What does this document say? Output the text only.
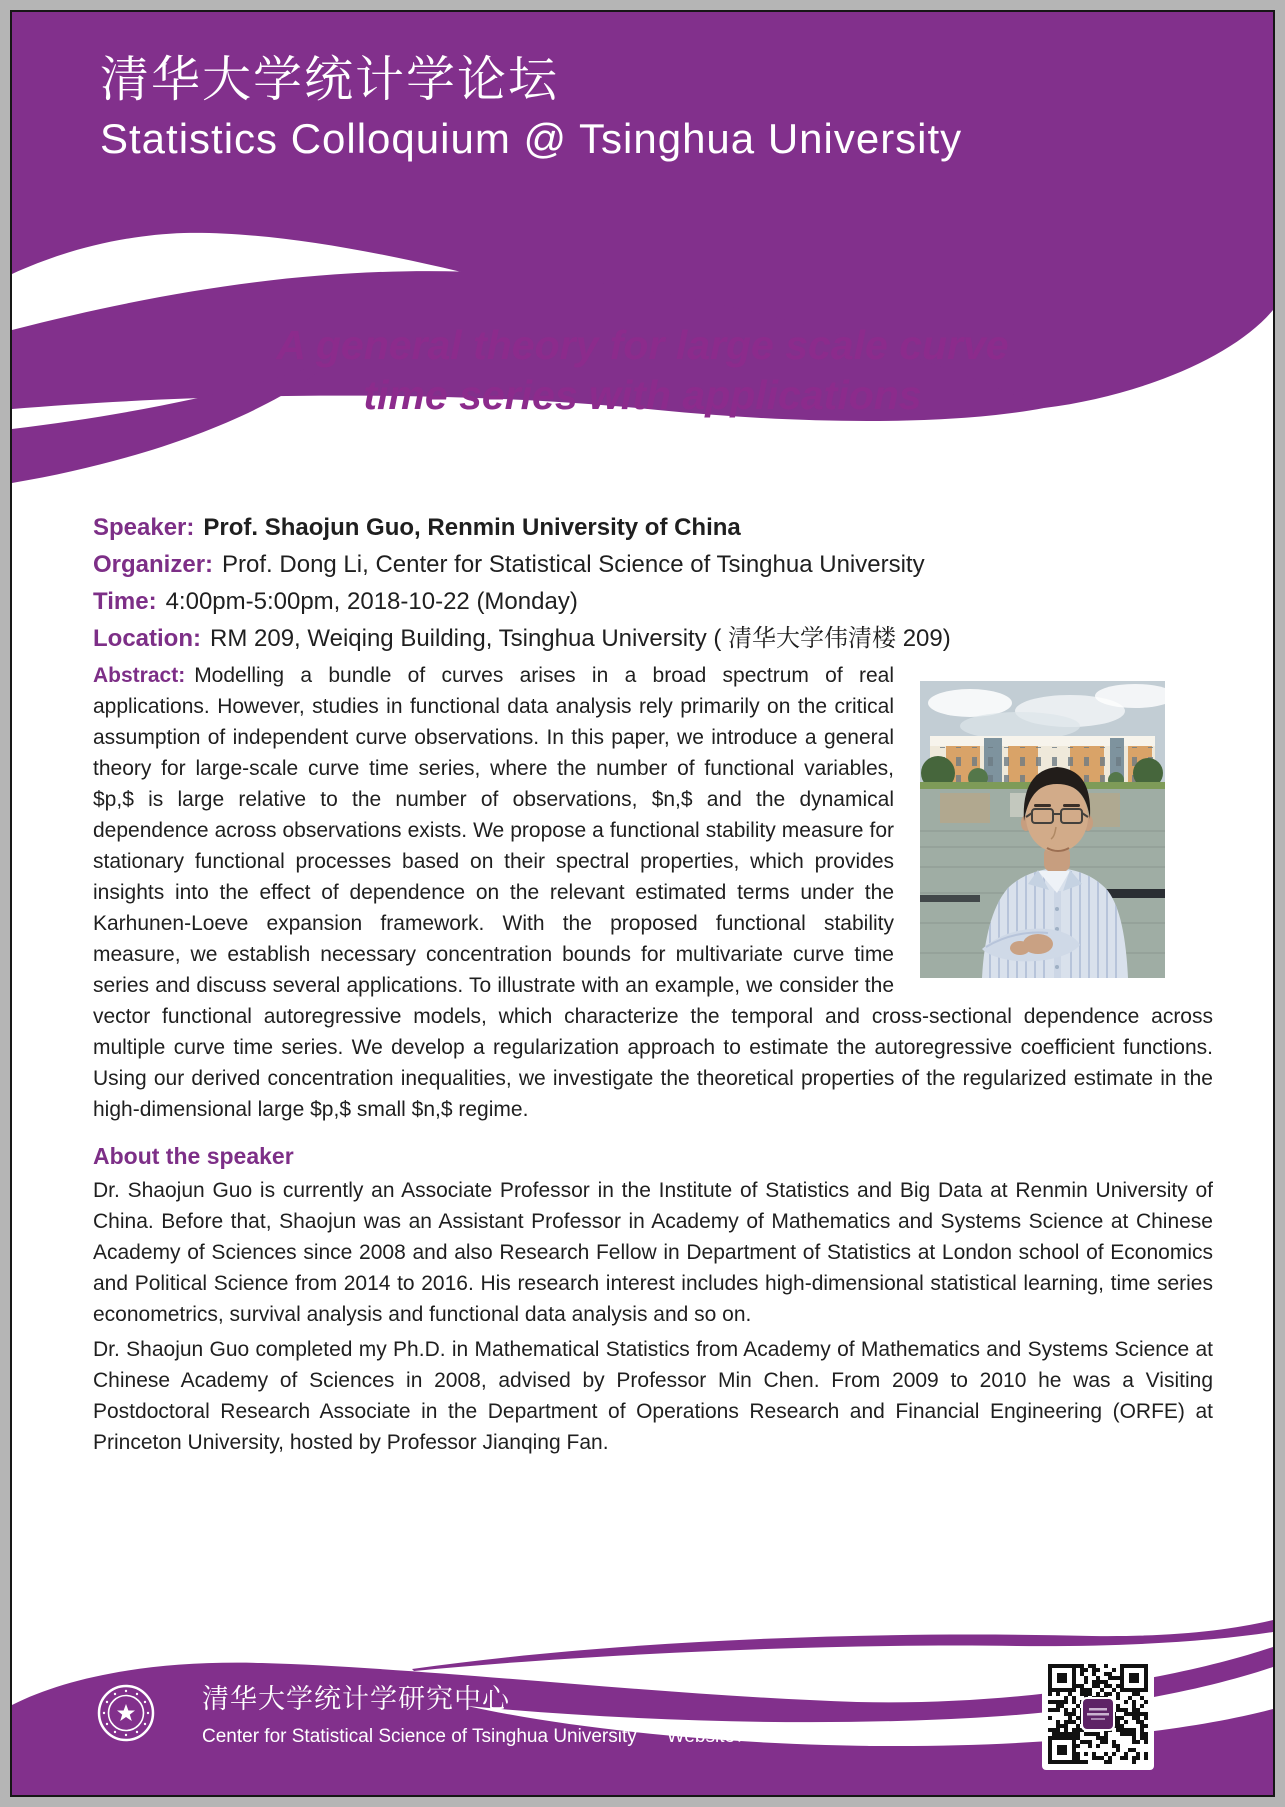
清华大学统计学论坛
Statistics Colloquium @ Tsinghua University
A general theory for large scale curve
time series with applications
Speaker: Prof. Shaojun Guo, Renmin University of China
Organizer: Prof. Dong Li, Center for Statistical Science of Tsinghua University
Time: 4:00pm-5:00pm, 2018-10-22 (Monday)
Location: RM 209, Weiqing Building, Tsinghua University ( 清华大学伟清楼 209)

Abstract: Modelling a bundle of curves arises in a broad spectrum of real applications. However, studies in functional data analysis rely primarily on the critical assumption of independent curve observations. In this paper, we introduce a general theory for large-scale curve time series, where the number of functional variables, $p,$ is large relative to the number of observations, $n,$ and the dynamical dependence across observations exists. We propose a functional stability measure for stationary functional processes based on their spectral properties, which provides insights into the effect of dependence on the relevant estimated terms under the Karhunen-Loeve expansion framework. With the proposed functional stability measure, we establish necessary concentration bounds for multivariate curve time series and discuss several applications. To illustrate with an example, we consider the vector functional autoregressive models, which characterize the temporal and cross-sectional dependence across multiple curve time series. We develop a regularization approach to estimate the autoregressive coefficient functions. Using our derived concentration inequalities, we investigate the theoretical properties of the regularized estimate in the high-dimensional large $p,$ small $n,$ regime.

About the speaker

Dr. Shaojun Guo is currently an Associate Professor in the Institute of Statistics and Big Data at Renmin University of China. Before that, Shaojun was an Assistant Professor in Academy of Mathematics and Systems Science at Chinese Academy of Sciences since 2008 and also Research Fellow in Department of Statistics at London school of Economics and Political Science from 2014 to 2016. His research interest includes high-dimensional statistical learning, time series econometrics, survival analysis and functional data analysis and so on.

Dr. Shaojun Guo completed my Ph.D. in Mathematical Statistics from Academy of Mathematics and Systems Science at Chinese Academy of Sciences in 2008, advised by Professor Min Chen. From 2009 to 2010 he was a Visiting Postdoctoral Research Associate in the Department of Operations Research and Financial Engineering (ORFE) at Princeton University, hosted by Professor Jianqing Fan.

清华大学统计学研究中心
Center for Statistical Science of Tsinghua University Website：www.stat.tsinghua.edu.cn
